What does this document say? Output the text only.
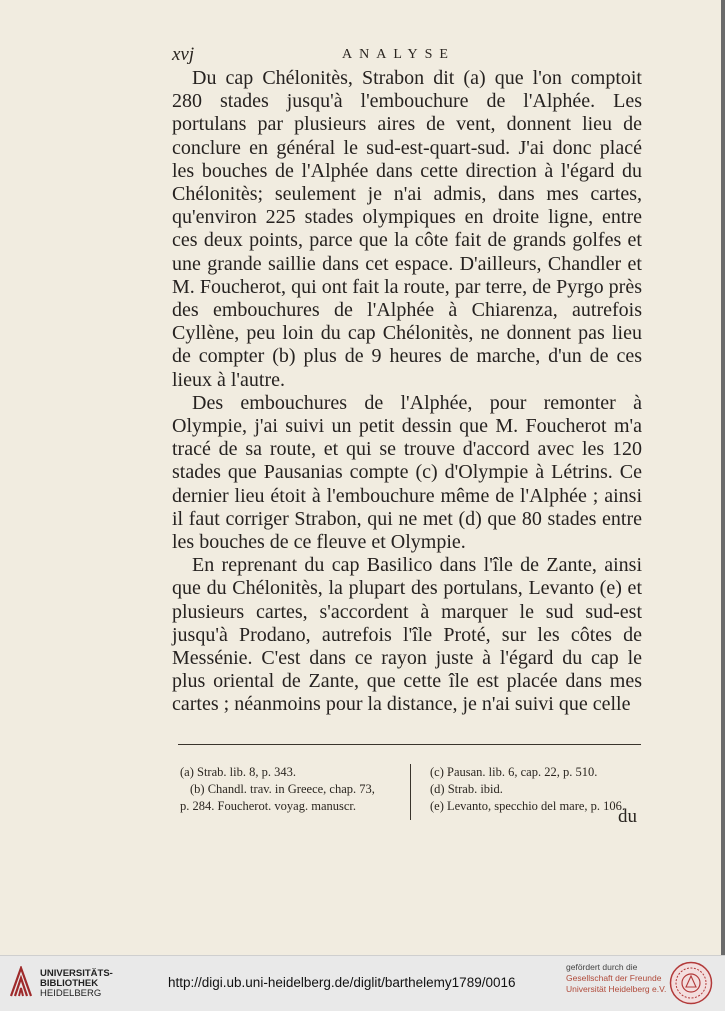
xvj	ANALYSE

Du cap Chélonitès, Strabon dit (a) que l'on comptoit 280 stades jusqu'à l'embouchure de l'Alphée. Les portulans par plusieurs aires de vent, donnent lieu de conclure en général le sud-est-quart-sud. J'ai donc placé les bouches de l'Alphée dans cette direction à l'égard du Chélonitès; seulement je n'ai admis, dans mes cartes, qu'environ 225 stades olympiques en droite ligne, entre ces deux points, parce que la côte fait de grands golfes et une grande saillie dans cet espace. D'ailleurs, Chandler et M. Foucherot, qui ont fait la route, par terre, de Pyrgo près des embouchures de l'Alphée à Chiarenza, autrefois Cyllène, peu loin du cap Chélonitès, ne donnent pas lieu de compter (b) plus de 9 heures de marche, d'un de ces lieux à l'autre.

Des embouchures de l'Alphée, pour remonter à Olympie, j'ai suivi un petit dessin que M. Foucherot m'a tracé de sa route, et qui se trouve d'accord avec les 120 stades que Pausanias compte (c) d'Olympie à Létrins. Ce dernier lieu étoit à l'embouchure même de l'Alphée ; ainsi il faut corriger Strabon, qui ne met (d) que 80 stades entre les bouches de ce fleuve et Olympie.

En reprenant du cap Basilico dans l'île de Zante, ainsi que du Chélonitès, la plupart des portulans, Levanto (e) et plusieurs cartes, s'accordent à marquer le sud sud-est jusqu'à Prodano, autrefois l'île Proté, sur les côtes de Messénie. C'est dans ce rayon juste à l'égard du cap le plus oriental de Zante, que cette île est placée dans mes cartes ; néanmoins pour la distance, je n'ai suivi que celle

(a) Strab. lib. 8, p. 343.
(b) Chandl. trav. in Greece, chap. 73,
p. 284. Foucherot. voyag. manuscr.
(c) Pausan. lib. 6, cap. 22, p. 510.
(d) Strab. ibid.
(e) Levanto, specchio del mare, p. 106.
du
UNIVERSITÄTS-
BIBLIOTHEK
HEIDELBERG
http://digi.ub.uni-heidelberg.de/diglit/barthelemy1789/0016
gefördert durch die
Gesellschaft der Freunde
Universität Heidelberg e.V.
